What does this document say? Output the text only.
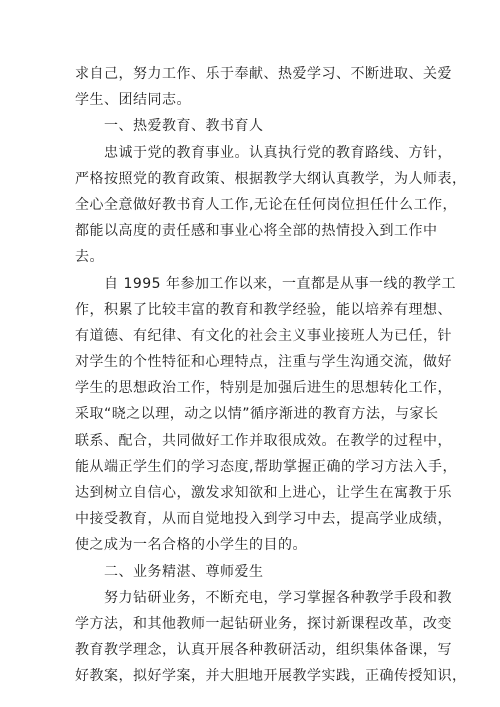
求自己，努力工作、乐于奉献、热爱学习、不断进取、关爱
学生、团结同志。
一、热爱教育、教书育人
忠诚于党的教育事业。认真执行党的教育路线、方针，
严格按照党的教育政策、根据教学大纲认真教学，为人师表，
全心全意做好教书育人工作,无论在任何岗位担任什么工作，
都能以高度的责任感和事业心将全部的热情投入到工作中
去。
自 1995 年参加工作以来，一直都是从事一线的教学工
作，积累了比较丰富的教育和教学经验，能以培养有理想、
有道德、有纪律、有文化的社会主义事业接班人为已任，针
对学生的个性特征和心理特点，注重与学生沟通交流，做好
学生的思想政治工作，特别是加强后进生的思想转化工作，
采取“晓之以理，动之以情”循序渐进的教育方法，与家长
联系、配合，共同做好工作并取很成效。在教学的过程中，
能从端正学生们的学习态度,帮助掌握正确的学习方法入手，
达到树立自信心，激发求知欲和上进心，让学生在寓教于乐
中接受教育，从而自觉地投入到学习中去，提高学业成绩，
使之成为一名合格的小学生的目的。
二、业务精湛、尊师爱生
努力钻研业务，不断充电，学习掌握各种教学手段和教
学方法，和其他教师一起钻研业务，探讨新课程改革，改变
教育教学理念，认真开展各种教研活动，组织集体备课，写
好教案，拟好学案，并大胆地开展教学实践，正确传授知识，
